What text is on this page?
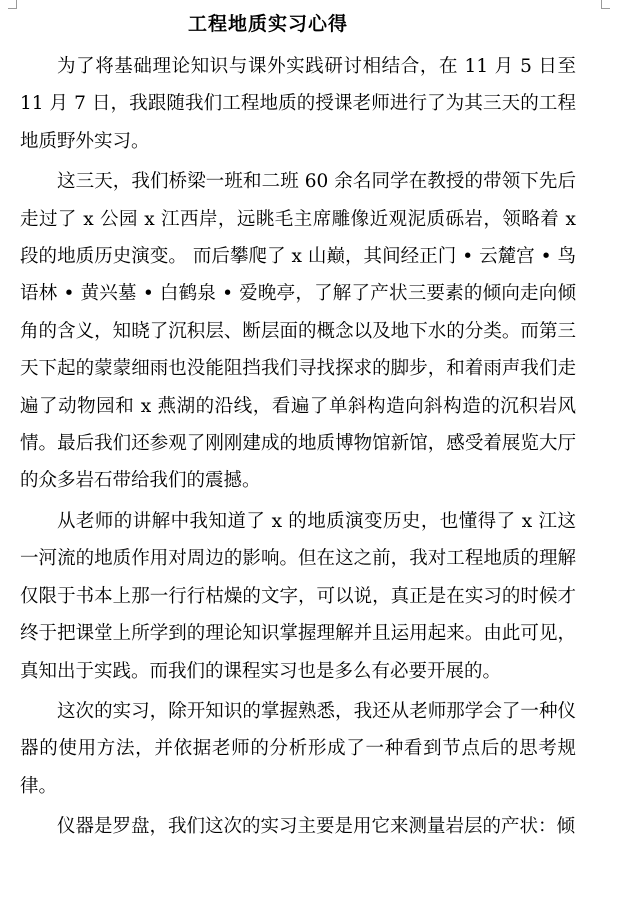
工程地质实习心得

为了将基础理论知识与课外实践研讨相结合，在 11 月 5 日至 11 月 7 日，我跟随我们工程地质的授课老师进行了为其三天的工程地质野外实习。

这三天，我们桥梁一班和二班 60 余名同学在教授的带领下先后走过了 x 公园 x 江西岸，远眺毛主席雕像近观泥质砾岩，领略着 x 段的地质历史演变。 而后攀爬了 x 山巅，其间经正门 • 云麓宫 • 鸟语林 • 黄兴墓 • 白鹤泉 • 爱晚亭，了解了产状三要素的倾向走向倾角的含义，知晓了沉积层、断层面的概念以及地下水的分类。而第三天下起的蒙蒙细雨也没能阻挡我们寻找探求的脚步，和着雨声我们走遍了动物园和 x 燕湖的沿线，看遍了单斜构造向斜构造的沉积岩风情。最后我们还参观了刚刚建成的地质博物馆新馆，感受着展览大厅的众多岩石带给我们的震撼。

从老师的讲解中我知道了 x 的地质演变历史，也懂得了 x 江这一河流的地质作用对周边的影响。但在这之前，我对工程地质的理解仅限于书本上那一行行枯燥的文字，可以说，真正是在实习的时候才终于把课堂上所学到的理论知识掌握理解并且运用起来。由此可见，真知出于实践。而我们的课程实习也是多么有必要开展的。

这次的实习，除开知识的掌握熟悉，我还从老师那学会了一种仪器的使用方法，并依据老师的分析形成了一种看到节点后的思考规律。

仪器是罗盘，我们这次的实习主要是用它来测量岩层的产状：倾
